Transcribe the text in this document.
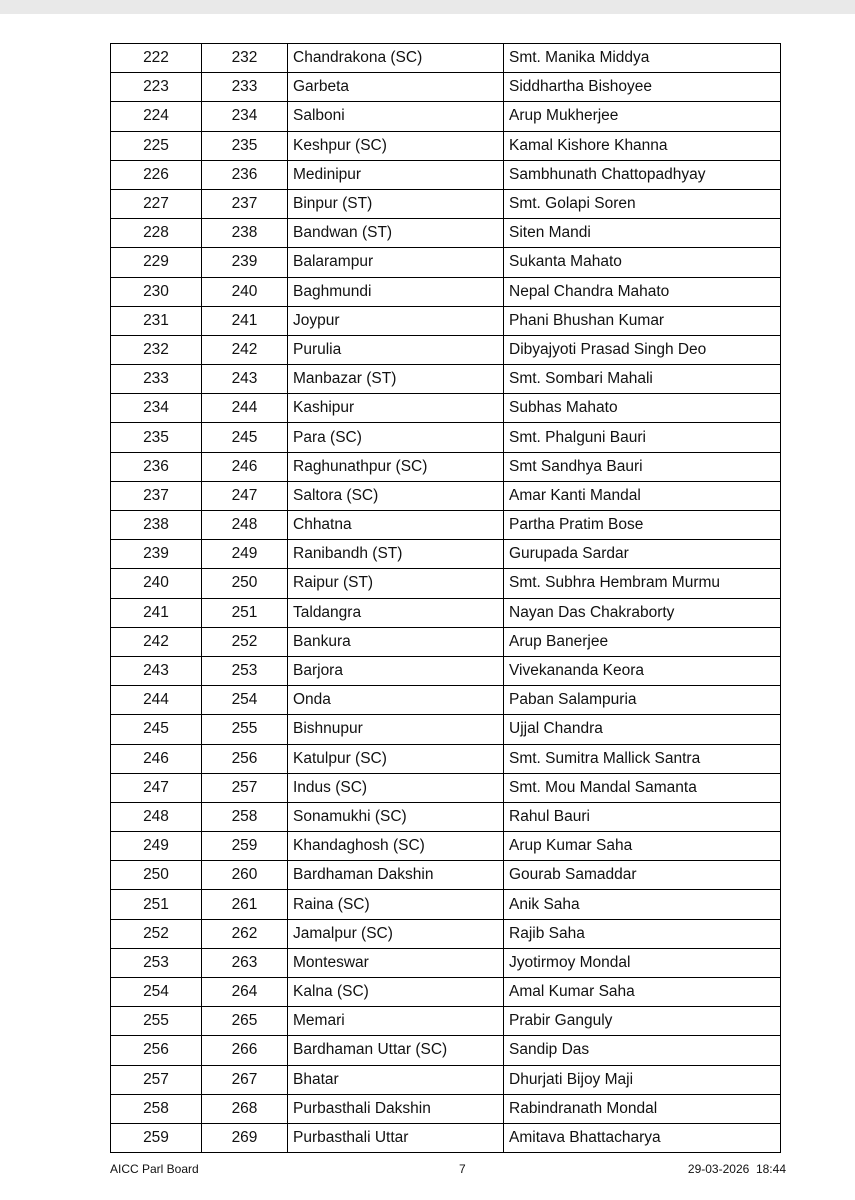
222	232	Chandrakona (SC)	Smt. Manika Middya
223	233	Garbeta	Siddhartha Bishoyee
224	234	Salboni	Arup Mukherjee
225	235	Keshpur (SC)	Kamal Kishore Khanna
226	236	Medinipur	Sambhunath Chattopadhyay
227	237	Binpur (ST)	Smt. Golapi Soren
228	238	Bandwan (ST)	Siten Mandi
229	239	Balarampur	Sukanta Mahato
230	240	Baghmundi	Nepal Chandra Mahato
231	241	Joypur	Phani Bhushan Kumar
232	242	Purulia	Dibyajyoti Prasad Singh Deo
233	243	Manbazar (ST)	Smt. Sombari Mahali
234	244	Kashipur	Subhas Mahato
235	245	Para (SC)	Smt. Phalguni Bauri
236	246	Raghunathpur (SC)	Smt Sandhya Bauri
237	247	Saltora (SC)	Amar Kanti Mandal
238	248	Chhatna	Partha Pratim Bose
239	249	Ranibandh (ST)	Gurupada Sardar
240	250	Raipur (ST)	Smt. Subhra Hembram Murmu
241	251	Taldangra	Nayan Das Chakraborty
242	252	Bankura	Arup Banerjee
243	253	Barjora	Vivekananda Keora
244	254	Onda	Paban Salampuria
245	255	Bishnupur	Ujjal Chandra
246	256	Katulpur (SC)	Smt. Sumitra Mallick Santra
247	257	Indus (SC)	Smt. Mou Mandal Samanta
248	258	Sonamukhi (SC)	Rahul Bauri
249	259	Khandaghosh (SC)	Arup Kumar Saha
250	260	Bardhaman Dakshin	Gourab Samaddar
251	261	Raina (SC)	Anik Saha
252	262	Jamalpur (SC)	Rajib Saha
253	263	Monteswar	Jyotirmoy Mondal
254	264	Kalna (SC)	Amal Kumar Saha
255	265	Memari	Prabir Ganguly
256	266	Bardhaman Uttar (SC)	Sandip Das
257	267	Bhatar	Dhurjati Bijoy Maji
258	268	Purbasthali Dakshin	Rabindranath Mondal
259	269	Purbasthali Uttar	Amitava Bhattacharya
AICC Parl Board	7	29-03-2026  18:44
